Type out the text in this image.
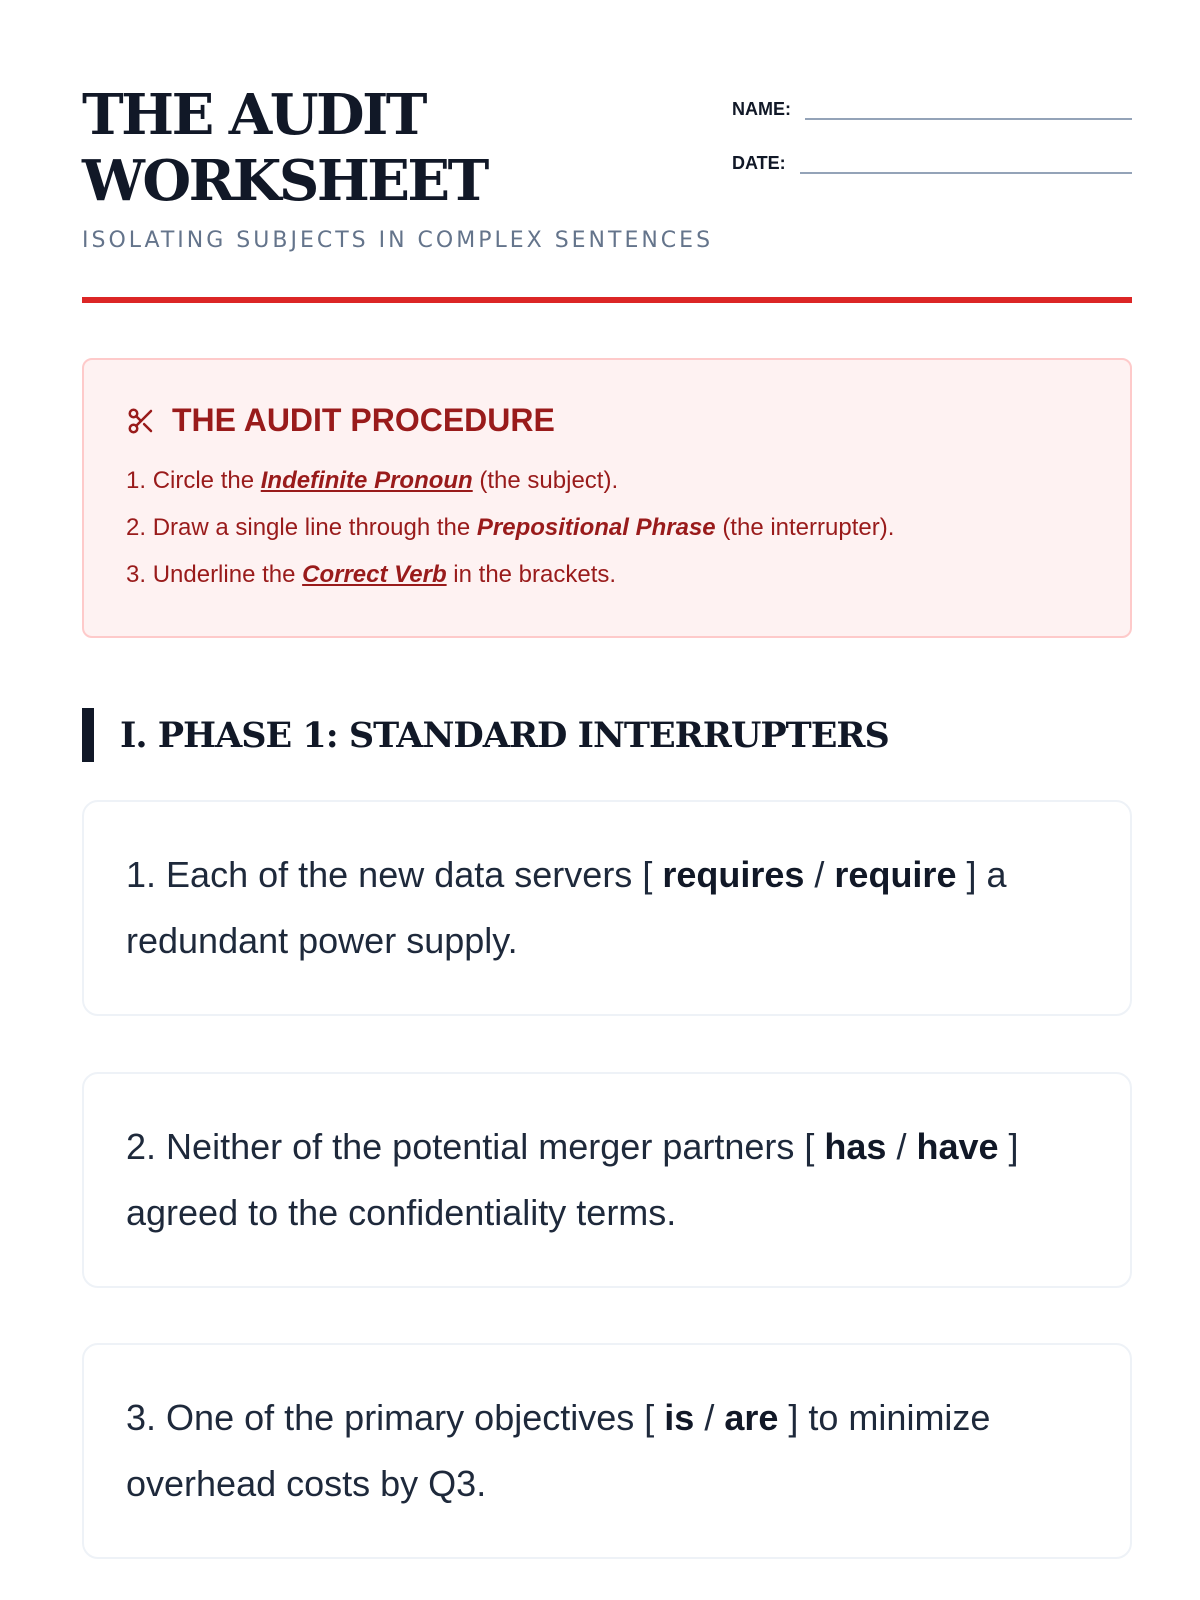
THE AUDIT WORKSHEET
ISOLATING SUBJECTS IN COMPLEX SENTENCES
NAME:
DATE:
THE AUDIT PROCEDURE
1. Circle the Indefinite Pronoun (the subject).
2. Draw a single line through the Prepositional Phrase (the interrupter).
3. Underline the Correct Verb in the brackets.
I. PHASE 1: STANDARD INTERRUPTERS
1. Each of the new data servers [ requires / require ] a redundant power supply.
2. Neither of the potential merger partners [ has / have ] agreed to the confidentiality terms.
3. One of the primary objectives [ is / are ] to minimize overhead costs by Q3.
